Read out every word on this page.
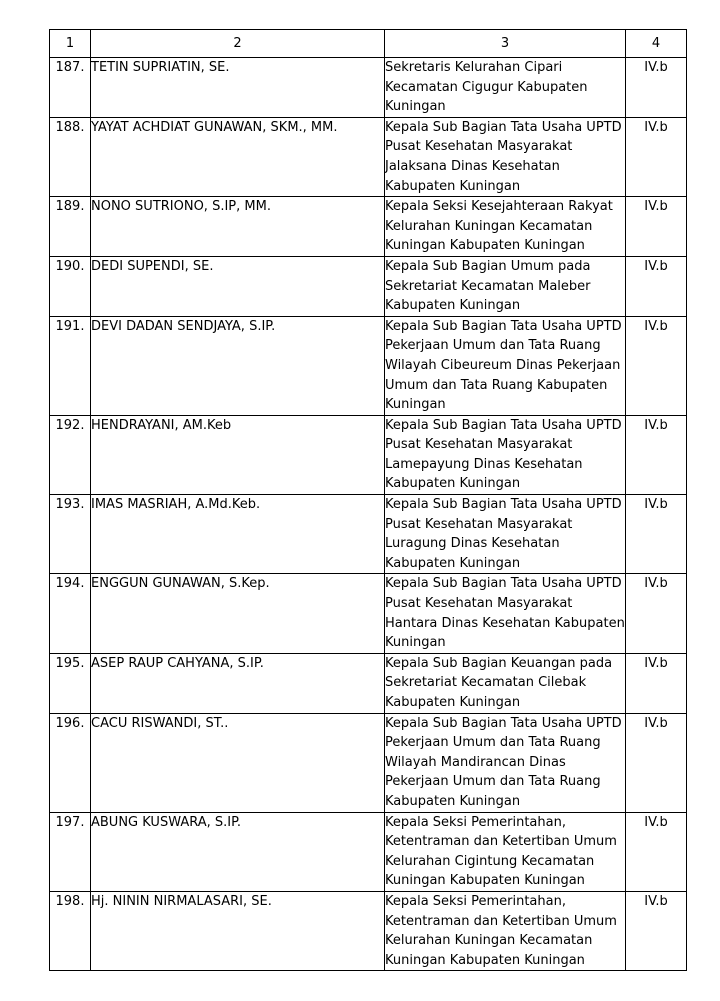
1	2	3	4
187.	TETIN SUPRIATIN, SE.	Sekretaris Kelurahan Cipari Kecamatan Cigugur Kabupaten Kuningan	IV.b
188.	YAYAT ACHDIAT GUNAWAN, SKM., MM.	Kepala Sub Bagian Tata Usaha UPTD Pusat Kesehatan Masyarakat Jalaksana Dinas Kesehatan Kabupaten Kuningan	IV.b
189.	NONO SUTRIONO, S.IP, MM.	Kepala Seksi Kesejahteraan Rakyat Kelurahan Kuningan Kecamatan Kuningan Kabupaten Kuningan	IV.b
190.	DEDI SUPENDI, SE.	Kepala Sub Bagian Umum pada Sekretariat Kecamatan Maleber Kabupaten Kuningan	IV.b
191.	DEVI DADAN SENDJAYA, S.IP.	Kepala Sub Bagian Tata Usaha UPTD Pekerjaan Umum dan Tata Ruang Wilayah Cibeureum Dinas Pekerjaan Umum dan Tata Ruang Kabupaten Kuningan	IV.b
192.	HENDRAYANI, AM.Keb	Kepala Sub Bagian Tata Usaha UPTD Pusat Kesehatan Masyarakat Lamepayung Dinas Kesehatan Kabupaten Kuningan	IV.b
193.	IMAS MASRIAH, A.Md.Keb.	Kepala Sub Bagian Tata Usaha UPTD Pusat Kesehatan Masyarakat Luragung Dinas Kesehatan Kabupaten Kuningan	IV.b
194.	ENGGUN GUNAWAN, S.Kep.	Kepala Sub Bagian Tata Usaha UPTD Pusat Kesehatan Masyarakat Hantara Dinas Kesehatan Kabupaten Kuningan	IV.b
195.	ASEP RAUP CAHYANA, S.IP.	Kepala Sub Bagian Keuangan pada Sekretariat Kecamatan Cilebak Kabupaten Kuningan	IV.b
196.	CACU RISWANDI, ST..	Kepala Sub Bagian Tata Usaha UPTD Pekerjaan Umum dan Tata Ruang Wilayah Mandirancan Dinas Pekerjaan Umum dan Tata Ruang Kabupaten Kuningan	IV.b
197.	ABUNG KUSWARA, S.IP.	Kepala Seksi Pemerintahan, Ketentraman dan Ketertiban Umum Kelurahan Cigintung Kecamatan Kuningan Kabupaten Kuningan	IV.b
198.	Hj. NININ NIRMALASARI, SE.	Kepala Seksi Pemerintahan, Ketentraman dan Ketertiban Umum Kelurahan Kuningan Kecamatan Kuningan Kabupaten Kuningan	IV.b
